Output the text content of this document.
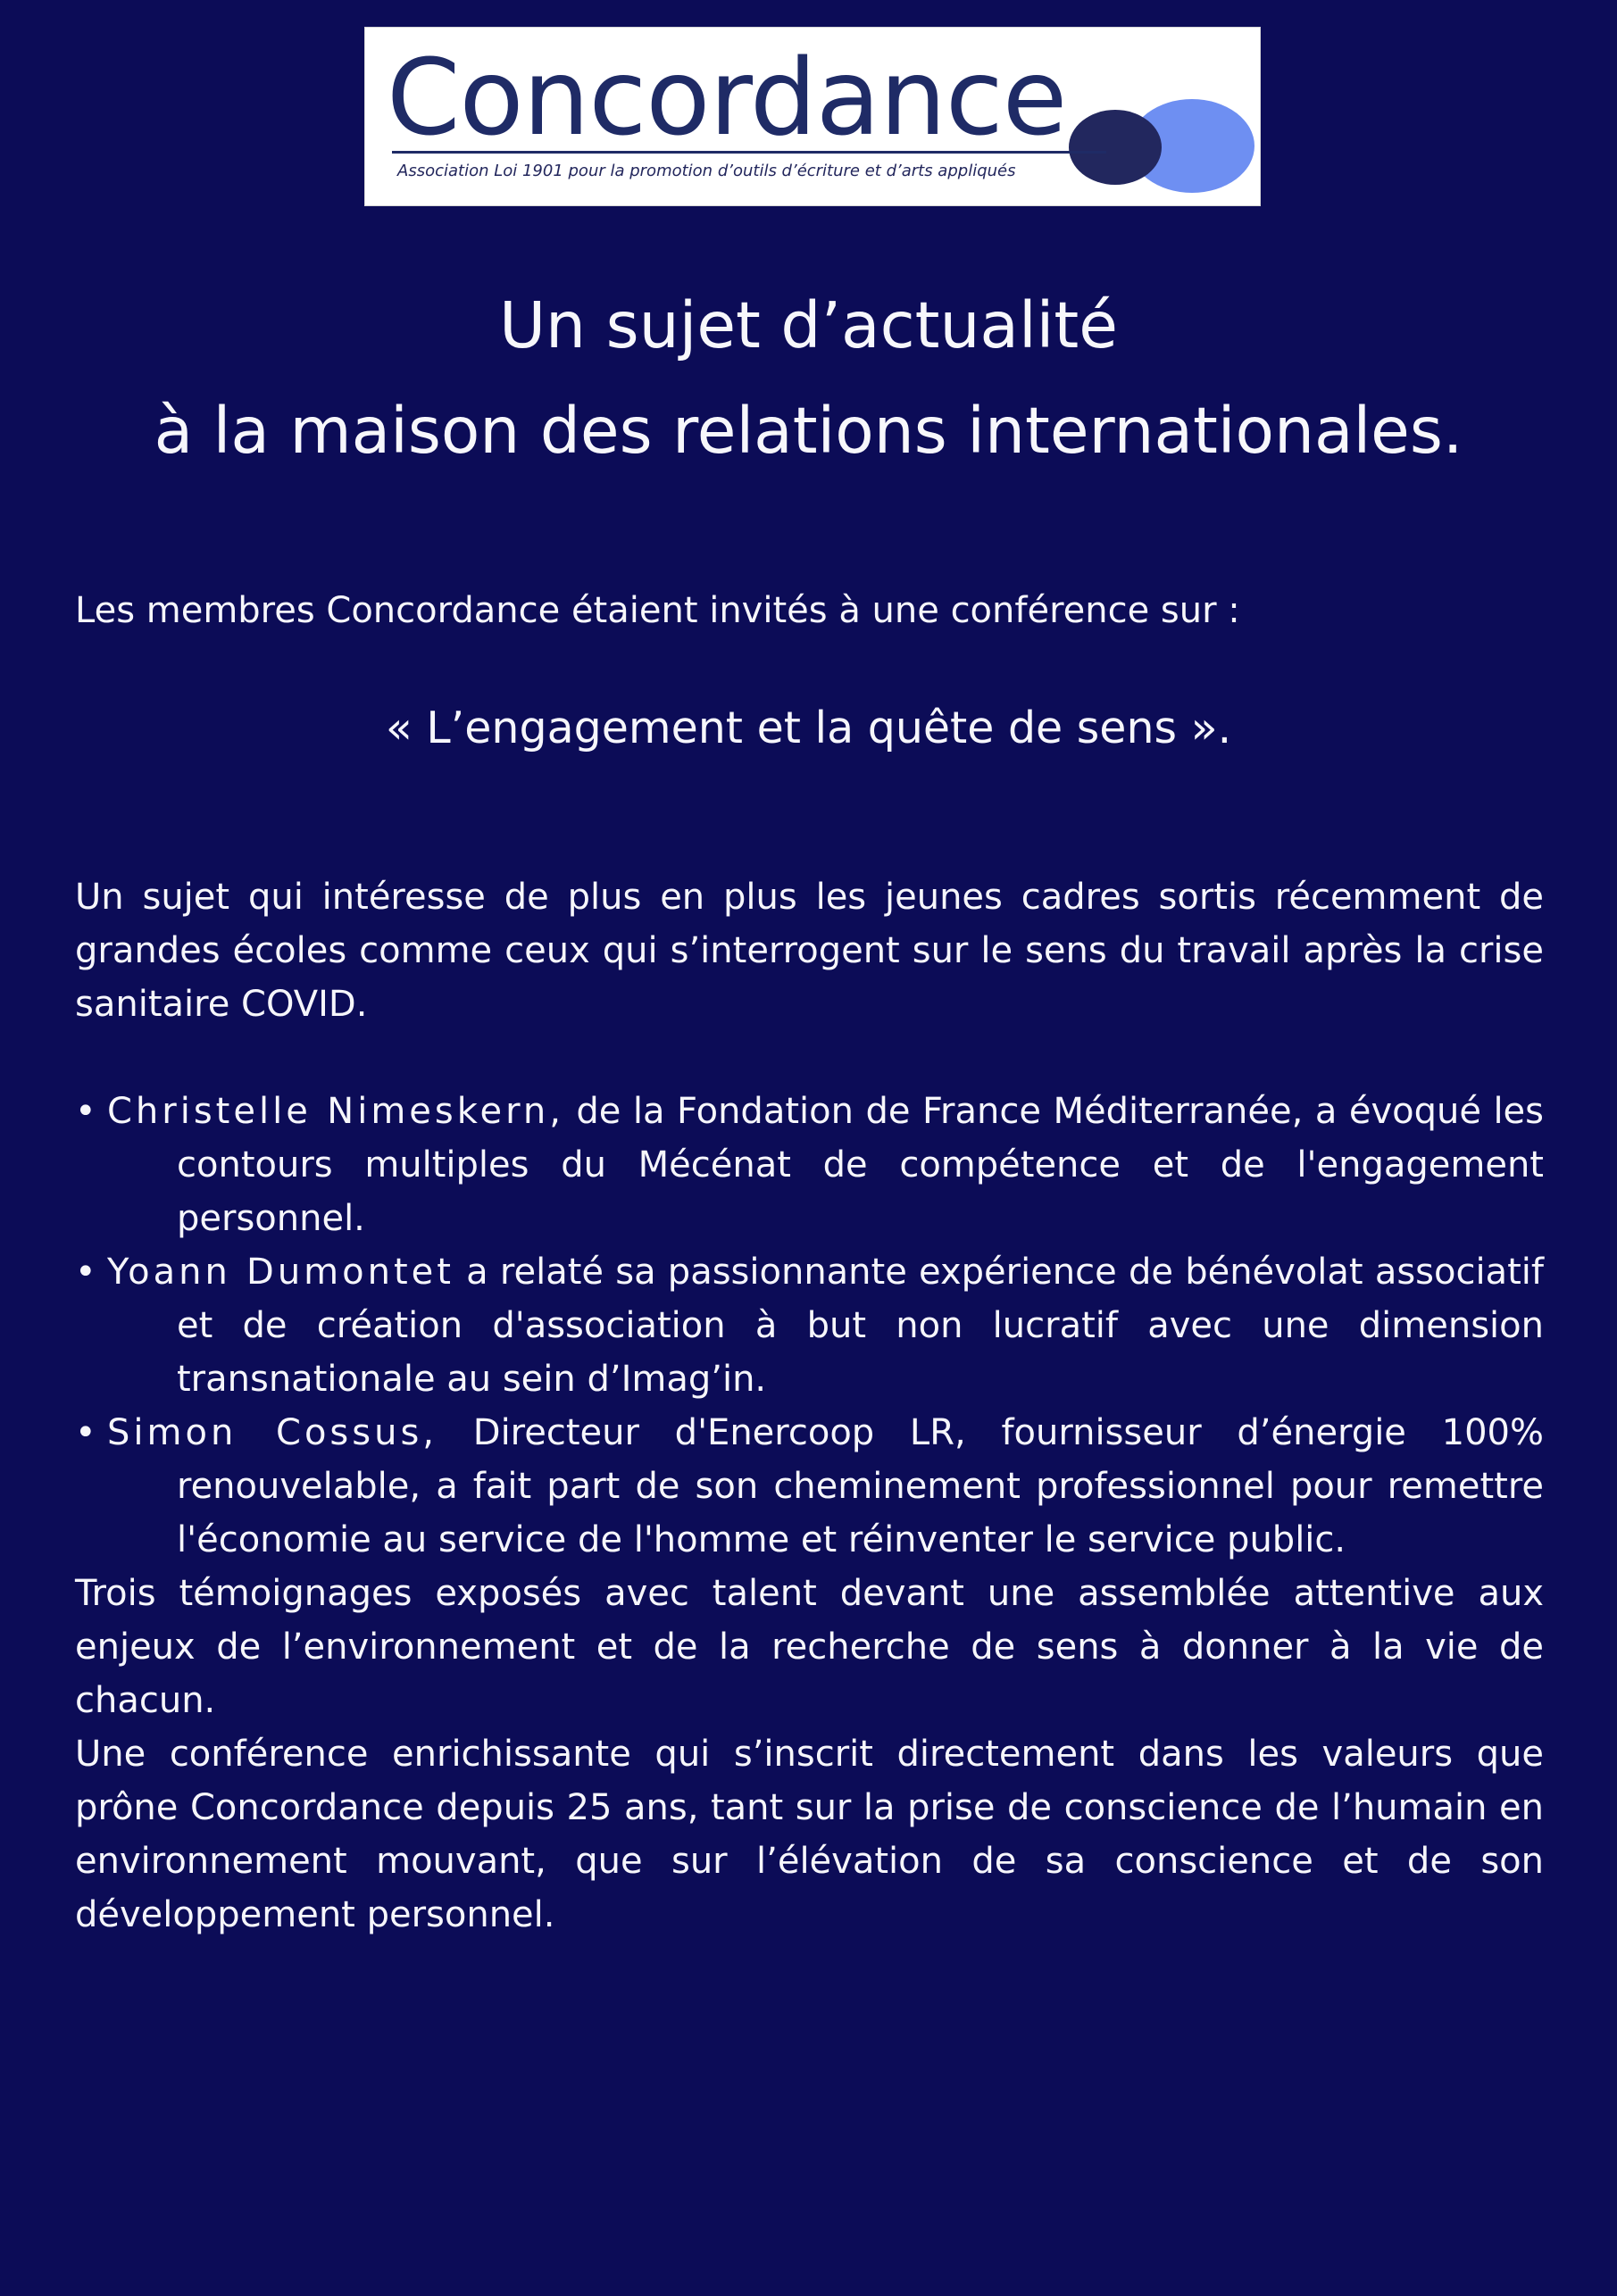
Concordance
Association Loi 1901 pour la promotion d’outils d’écriture et d’arts appliqués
Un sujet d’actualité
à la maison des relations internationales.

Les membres Concordance étaient invités à une conférence sur :

« L’engagement et la quête de sens ».

Un sujet qui intéresse de plus en plus les jeunes cadres sortis récemment de grandes écoles comme ceux qui s’interrogent sur le sens du travail après la crise sanitaire COVID.

• Christelle Nimeskern, de la Fondation de France Méditerranée, a évoqué les contours multiples du Mécénat de compétence et de l'engagement personnel.
• Yoann Dumontet a relaté sa passionnante expérience de bénévolat associatif et de création d'association à but non lucratif avec une dimension transnationale au sein d’Imag’in.
• Simon Cossus, Directeur d'Enercoop LR, fournisseur d’énergie 100% renouvelable, a fait part de son cheminement professionnel pour remettre l'économie au service de l'homme et réinventer le service public.

Trois témoignages exposés avec talent devant une assemblée attentive aux enjeux de l’environnement et de la recherche de sens à donner à la vie de chacun.

Une conférence enrichissante qui s’inscrit directement dans les valeurs que prône Concordance depuis 25 ans, tant sur la prise de conscience de l’humain en environnement mouvant, que sur l’élévation de sa conscience et de son développement personnel.
